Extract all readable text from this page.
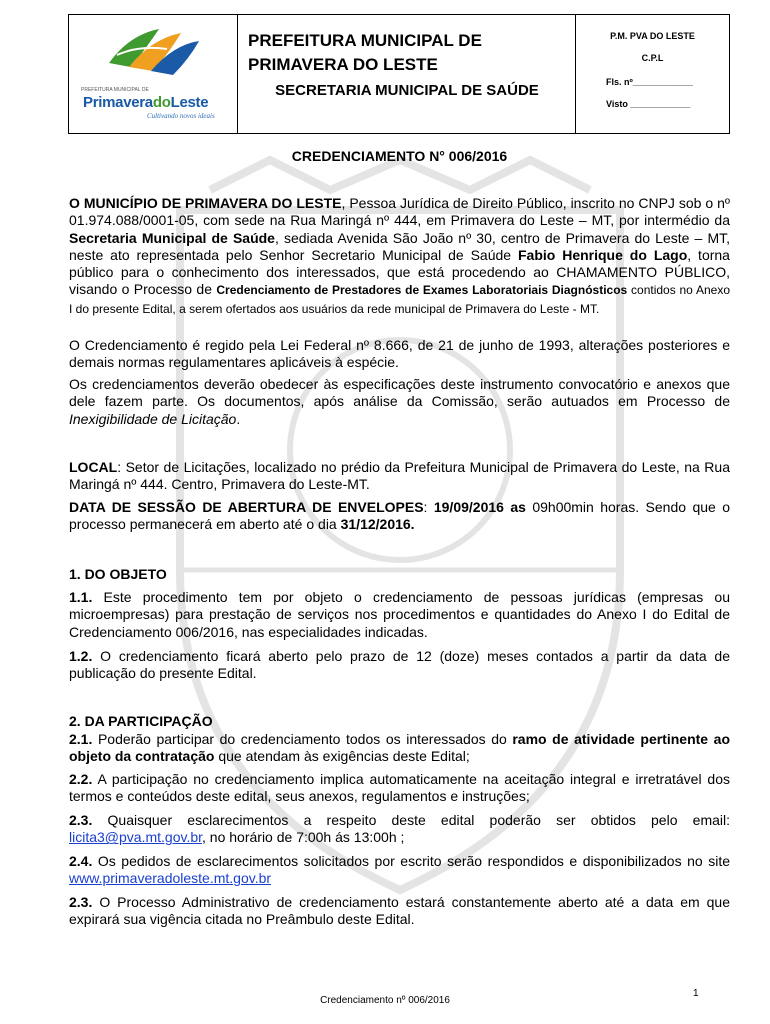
PREFEITURA MUNICIPAL DE
PrimaveradoLeste
Cultivando novos ideais
PREFEITURA MUNICIPAL DE PRIMAVERA DO LESTE
SECRETARIA MUNICIPAL DE SAÚDE
P.M. PVA DO LESTE
C.P.L
Fls. nº____________
Visto ____________
CREDENCIAMENTO N° 006/2016
O MUNICÍPIO DE PRIMAVERA DO LESTE, Pessoa Jurídica de Direito Público, inscrito no CNPJ sob o nº 01.974.088/0001-05, com sede na Rua Maringá nº 444, em Primavera do Leste – MT, por intermédio da Secretaria Municipal de Saúde, sediada Avenida São João nº 30, centro de Primavera do Leste – MT, neste ato representada pelo Senhor Secretario Municipal de Saúde Fabio Henrique do Lago, torna público para o conhecimento dos interessados, que está procedendo ao CHAMAMENTO PÚBLICO, visando o Processo de Credenciamento de Prestadores de Exames Laboratoriais Diagnósticos contidos no Anexo I do presente Edital, a serem ofertados aos usuários da rede municipal de Primavera do Leste - MT.
O Credenciamento é regido pela Lei Federal nº 8.666, de 21 de junho de 1993, alterações posteriores e demais normas regulamentares aplicáveis à espécie.
Os credenciamentos deverão obedecer às especificações deste instrumento convocatório e anexos que dele fazem parte. Os documentos, após análise da Comissão, serão autuados em Processo de Inexigibilidade de Licitação.
LOCAL: Setor de Licitações, localizado no prédio da Prefeitura Municipal de Primavera do Leste, na Rua Maringá nº 444. Centro, Primavera do Leste-MT.
DATA DE SESSÃO DE ABERTURA DE ENVELOPES: 19/09/2016 as 09h00min horas. Sendo que o processo permanecerá em aberto até o dia 31/12/2016.
1. DO OBJETO
1.1. Este procedimento tem por objeto o credenciamento de pessoas jurídicas (empresas ou microempresas) para prestação de serviços nos procedimentos e quantidades do Anexo I do Edital de Credenciamento 006/2016, nas especialidades indicadas.
1.2. O credenciamento ficará aberto pelo prazo de 12 (doze) meses contados a partir da data de publicação do presente Edital.
2. DA PARTICIPAÇÃO
2.1. Poderão participar do credenciamento todos os interessados do ramo de atividade pertinente ao objeto da contratação que atendam às exigências deste Edital;
2.2. A participação no credenciamento implica automaticamente na aceitação integral e irretratável dos termos e conteúdos deste edital, seus anexos, regulamentos e instruções;
2.3. Quaisquer esclarecimentos a respeito deste edital poderão ser obtidos pelo email: licita3@pva.mt.gov.br, no horário de 7:00h ás 13:00h ;
2.4. Os pedidos de esclarecimentos solicitados por escrito serão respondidos e disponibilizados no site www.primaveradoleste.mt.gov.br
2.3. O Processo Administrativo de credenciamento estará constantemente aberto até a data em que expirará sua vigência citada no Preâmbulo deste Edital.
1
Credenciamento nº 006/2016
